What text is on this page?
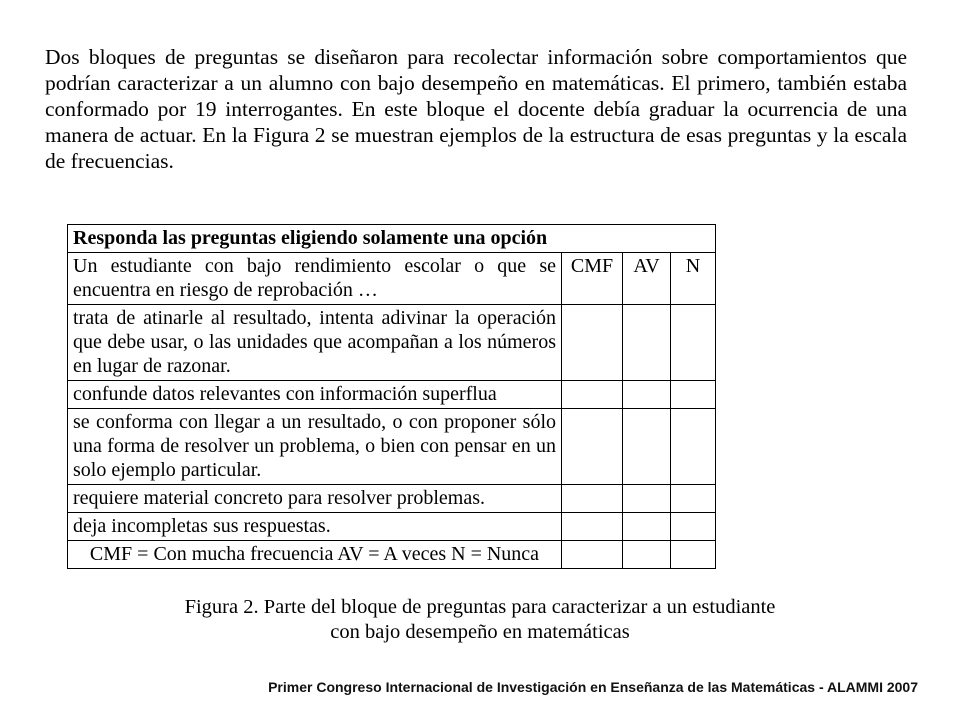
Dos bloques de preguntas se diseñaron para recolectar información sobre comportamientos que podrían caracterizar a un alumno con bajo desempeño en matemáticas. El primero, también estaba conformado por 19 interrogantes. En este bloque el docente debía graduar la ocurrencia de una manera de actuar. En la Figura 2 se muestran ejemplos de la estructura de esas preguntas y la escala de frecuencias.

Responda las preguntas eligiendo solamente una opción			
Un estudiante con bajo rendimiento escolar o que se encuentra en riesgo de reprobación …	CMF	AV	N
trata de atinarle al resultado, intenta adivinar la operación que debe usar, o las unidades que acompañan a los números en lugar de razonar.			
confunde datos relevantes con información superflua			
se conforma con llegar a un resultado, o con proponer sólo una forma de resolver un problema, o bien con pensar en un solo ejemplo particular.			
requiere material concreto para resolver problemas.			
deja incompletas sus respuestas.			
CMF = Con mucha frecuencia AV = A veces N = Nunca			
Figura 2. Parte del bloque de preguntas para caracterizar a un estudiante
con bajo desempeño en matemáticas
Primer Congreso Internacional de Investigación en Enseñanza de las Matemáticas - ALAMMI 2007
